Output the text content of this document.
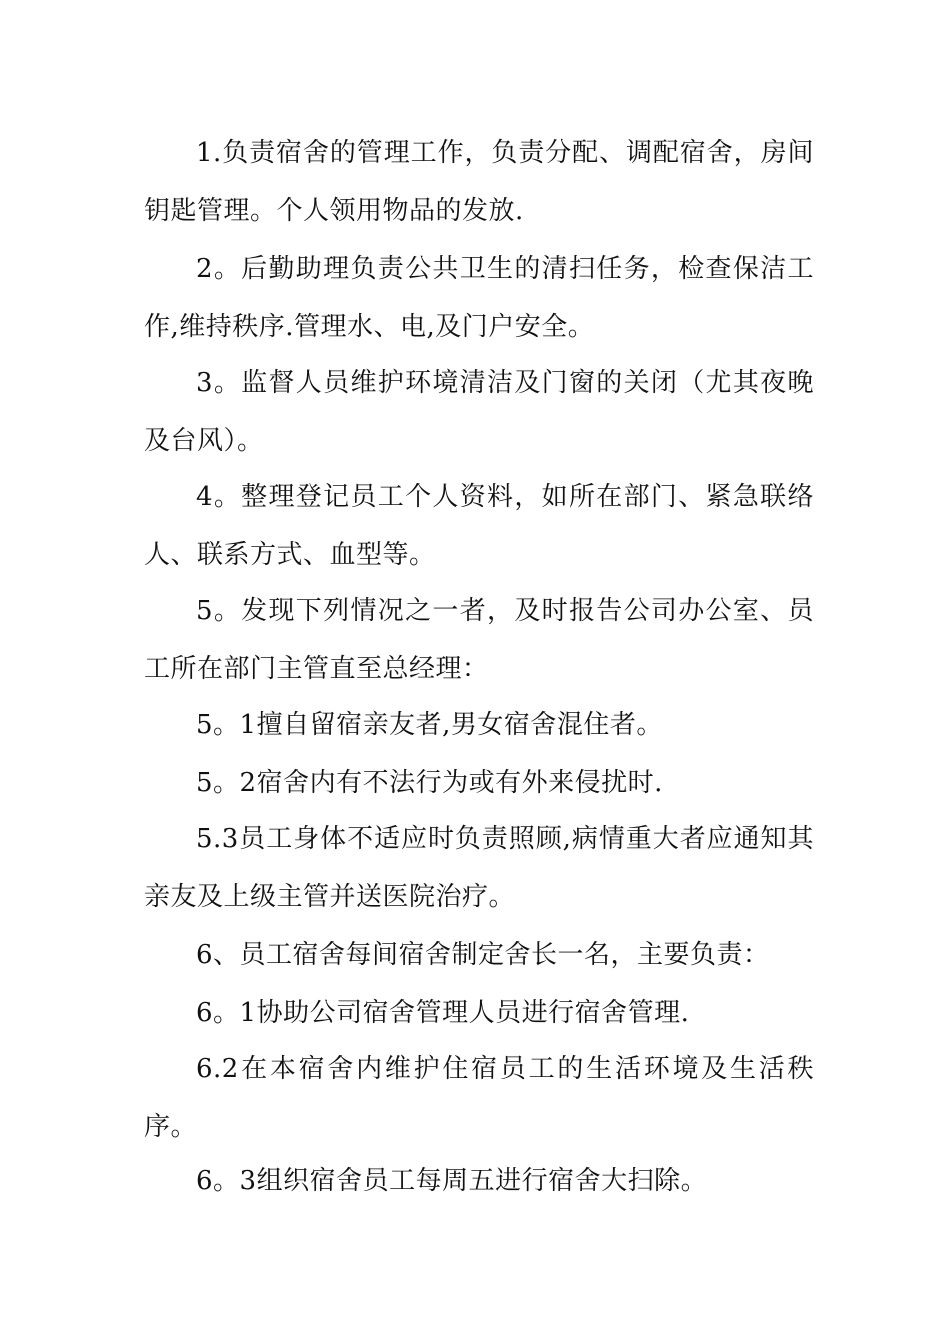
1.负责宿舍的管理工作，负责分配、调配宿舍，房间钥匙管理。个人领用物品的发放.

2。后勤助理负责公共卫生的清扫任务，检查保洁工作,维持秩序.管理水、电,及门户安全。

3。监督人员维护环境清洁及门窗的关闭（尤其夜晚及台风）。

4。整理登记员工个人资料，如所在部门、紧急联络人、联系方式、血型等。

5。发现下列情况之一者，及时报告公司办公室、员工所在部门主管直至总经理：

5。1擅自留宿亲友者,男女宿舍混住者。

5。2宿舍内有不法行为或有外来侵扰时.

5.3员工身体不适应时负责照顾,病情重大者应通知其亲友及上级主管并送医院治疗。

6、员工宿舍每间宿舍制定舍长一名，主要负责：

6。1协助公司宿舍管理人员进行宿舍管理.

6.2在本宿舍内维护住宿员工的生活环境及生活秩序。

6。3组织宿舍员工每周五进行宿舍大扫除。
